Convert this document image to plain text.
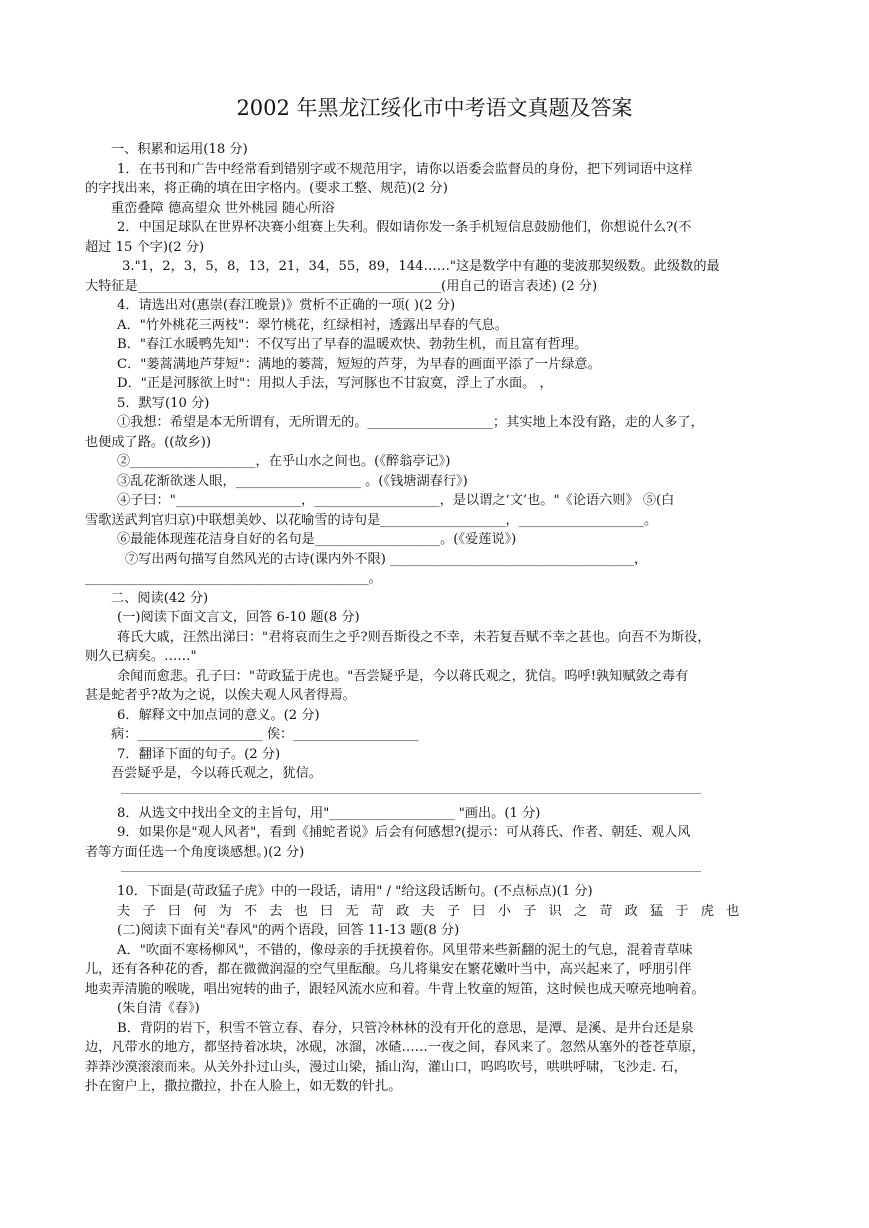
2002 年黑龙江绥化市中考语文真题及答案
一、积累和运用(18 分)
1．在书刊和广告中经常看到错别字或不规范用字，请你以语委会监督员的身份，把下列词语中这样
的字找出来，将正确的填在田字格内。(要求工整、规范)(2 分)
重峦叠障 德高望众 世外桃园 随心所浴
2．中国足球队在世界杯决赛小组赛上失利。假如请你发一条手机短信息鼓励他们，你想说什么?(不
超过 15 个字)(2 分)
3."1，2，3，5，8，13，21，34，55，89，144……"这是数学中有趣的斐波那契级数。此级数的最
大特征是______________________________________________(用自己的语言表述) (2 分)
4．请选出对(惠崇(春江晚景)》赏析不正确的一项( )(2 分)
A．"竹外桃花三两枝"：翠竹桃花，红绿相衬，透露出早春的气息。
B．"春江水暖鸭先知"：不仅写出了早春的温暖欢快、勃勃生机，而且富有哲理。
C．"蒌蒿满地芦芽短"：满地的蒌蒿，短短的芦芽，为早春的画面平添了一片绿意。
D．"正是河豚欲上时"：用拟人手法，写河豚也不甘寂寞，浮上了水面。 ，
5．默写(10 分)
①我想：希望是本无所谓有，无所谓无的。___________________；其实地上本没有路，走的人多了，
也便成了路。((故乡))
②___________________，在乎山水之间也。(《醉翁亭记》)
③乱花渐欲迷人眼，___________________ 。(《钱塘湖春行》)
④子曰："___________________，___________________，是以谓之‘文’也。"《论语六则》 ⑤(白
雪歌送武判官归京)中联想美妙、以花喻雪的诗句是___________________，___________________。
⑥最能体现莲花洁身自好的名句是___________________。(《爱莲说》)
⑦写出两句描写自然风光的古诗(课内外不限) _____________________________________，
___________________________________________。
二、阅读(42 分)
(一)阅读下面文言文，回答 6-10 题(8 分)
蒋氏大戚，汪然出涕曰："君将哀而生之乎?则吾斯役之不幸，未若复吾赋不幸之甚也。向吾不为斯役，
则久已病矣。……"
余闻而愈悲。孔子曰："苛政猛于虎也。"吾尝疑乎是，今以蒋氏观之，犹信。呜呼!孰知赋敛之毒有
甚是蛇者乎?故为之说，以俟夫观人风者得焉。
6．解释文中加点词的意义。(2 分)
病：___________________ 俟：___________________
7．翻译下面的句子。(2 分)
吾尝疑乎是，今以蒋氏观之，犹信。
8．从选文中找出全文的主旨句，用"___________________ "画出。(1 分)
9．如果你是"观人风者"，看到《捕蛇者说》后会有何感想?(提示：可从蒋氏、作者、朝廷、观人风
者等方面任选一个角度谈感想。)(2 分)
10．下面是(苛政猛子虎》中的一段话，请用" / "给这段话断句。(不点标点)(1 分)
夫 子 曰 何 为 不 去 也 曰 无 苛 政 夫 子 曰 小 子 识 之 苛 政 猛 于 虎 也
(二)阅读下面有关"春风"的两个语段，回答 11-13 题(8 分)
A．"吹面不寒杨柳风"，不错的，像母亲的手抚摸着你。风里带来些新翻的泥土的气息，混着青草味
儿，还有各种花的香，都在微微润湿的空气里酝酿。乌儿将巢安在繁花嫩叶当中，高兴起来了，呼朋引伴
地卖弄清脆的喉咙，唱出宛转的曲子，跟轻风流水应和着。牛背上牧童的短笛，这时候也成天嘹亮地响着。
(朱自清《春》)
B．背阴的岩下，积雪不管立春、春分，只管冷林林的没有开化的意思，是潭、是溪、是井台还是泉
边，凡带水的地方，都坚持着冰块，冰砚，冰溜，冰碴……一夜之间，春风来了。忽然从塞外的苍苍草原，
莽莽沙漠滚滚而来。从关外扑过山头，漫过山梁，插山沟，灌山口，呜呜吹号，哄哄呼啸，飞沙走. 石，
扑在窗户上，撒拉撒拉，扑在人脸上，如无数的针扎。
